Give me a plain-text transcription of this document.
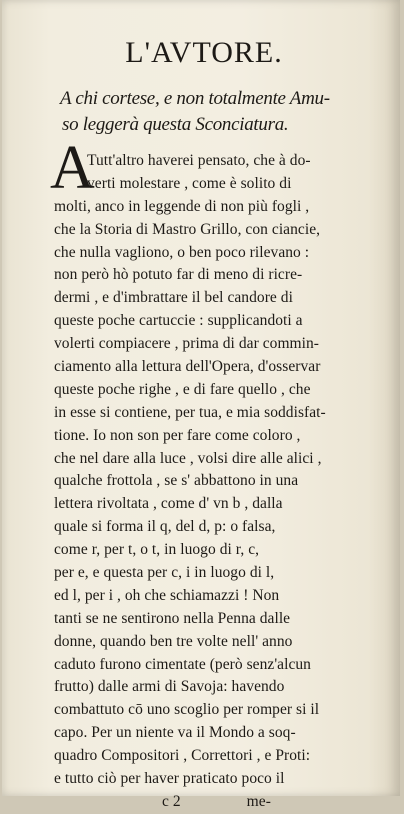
L'AVTORE.
A chi cortese, e non totalmente Amu-
so leggerà questa Sconciatura.
A
Tutt'altro haverei pensato, che à do-
verti molestare , come è solito di
molti, anco in leggende di non più fogli ,
che la Storia di Mastro Grillo, con ciancie,
che nulla vagliono, o ben poco rilevano :
non però hò potuto far di meno di ricre-
dermi , e d'imbrattare il bel candore di
queste poche cartuccie : supplicandoti a
volerti compiacere , prima di dar commin-
ciamento alla lettura dell'Opera, d'osservar
queste poche righe , e di fare quello , che
in esse si contiene, per tua, e mia soddisfat-
tione. Io non son per fare come coloro ,
che nel dare alla luce , volsi dire alle alici ,
qualche frottola , se s' abbattono in una
lettera rivoltata , come d' vn b , dalla
quale si forma il q, del d, p: o falsa,
come r, per t, o t, in luogo di r, c,
per e, e questa per c, i in luogo di l,
ed l, per i , oh che schiamazzi ! Non
tanti se ne sentirono nella Penna dalle
donne, quando ben tre volte nell' anno
caduto furono cimentate (però senz'alcun
frutto) dalle armi di Savoja: havendo
combattuto cō uno scoglio per romper si il
capo. Per un niente va il Mondo a soq-
quadro Compositori , Correttori , e Proti:
e tutto ciò per haver praticato poco il
c 2	me-
